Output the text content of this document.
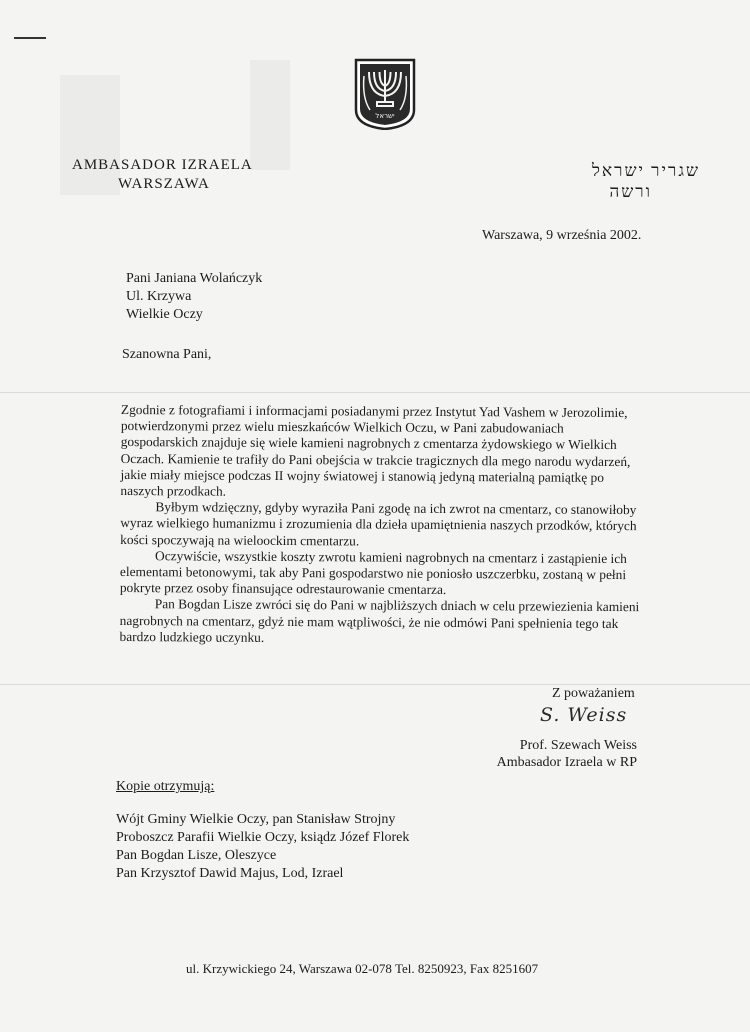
ישראל
AMBASADOR IZRAELA
WARSZAWA
שגריר ישראל
ורשה
Warszawa, 9 września 2002.
Pani Janiana Wolańczyk
Ul. Krzywa
Wielkie Oczy
Szanowna Pani,

Zgodnie z fotografiami i informacjami posiadanymi przez Instytut Yad Vashem w Jerozolimie, potwierdzonymi przez wielu mieszkańców Wielkich Oczu, w Pani zabudowaniach gospodarskich znajduje się wiele kamieni nagrobnych z cmentarza żydowskiego w Wielkich Oczach. Kamienie te trafiły do Pani obejścia w trakcie tragicznych dla mego narodu wydarzeń, jakie miały miejsce podczas II wojny światowej i stanowią jedyną materialną pamiątkę po naszych przodkach.

Byłbym wdzięczny, gdyby wyraziła Pani zgodę na ich zwrot na cmentarz, co stanowiłoby wyraz wielkiego humanizmu i zrozumienia dla dzieła upamiętnienia naszych przodków, których kości spoczywają na wieloockim cmentarzu.

Oczywiście, wszystkie koszty zwrotu kamieni nagrobnych na cmentarz i zastąpienie ich elementami betonowymi, tak aby Pani gospodarstwo nie poniosło uszczerbku, zostaną w pełni pokryte przez osoby finansujące odrestaurowanie cmentarza.

Pan Bogdan Lisze zwróci się do Pani w najbliższych dniach w celu przewiezienia kamieni nagrobnych na cmentarz, gdyż nie mam wątpliwości, że nie odmówi Pani spełnienia tego tak bardzo ludzkiego uczynku.

Z poważaniem
S. Weiss
Prof. Szewach Weiss
Ambasador Izraela w RP
Kopie otrzymują:
Wójt Gminy Wielkie Oczy, pan Stanisław Strojny
Proboszcz Parafii Wielkie Oczy, ksiądz Józef Florek
Pan Bogdan Lisze, Oleszyce
Pan Krzysztof Dawid Majus, Lod, Izrael
ul. Krzywickiego 24, Warszawa 02-078 Tel. 8250923, Fax 8251607
